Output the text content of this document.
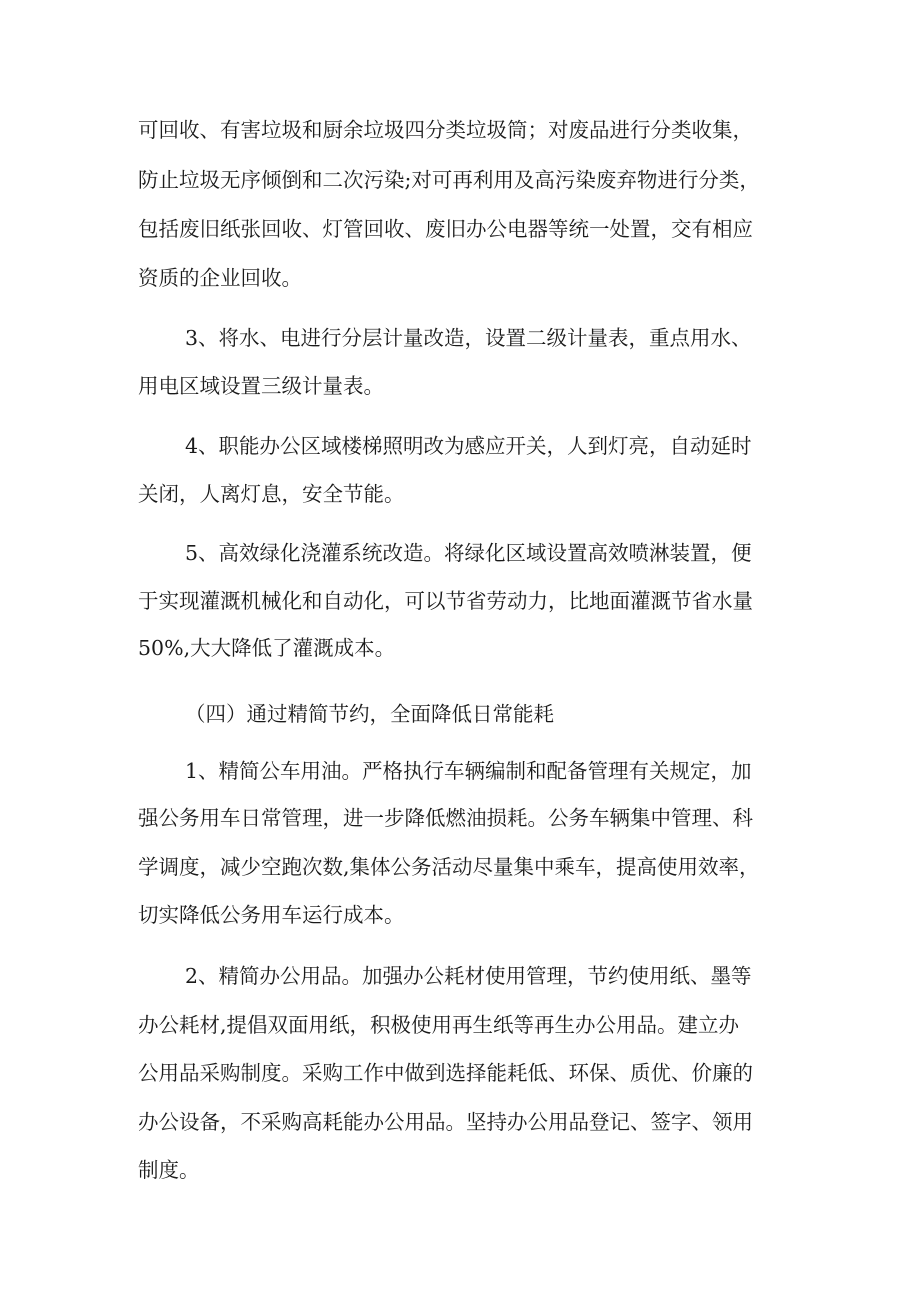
可回收、有害垃圾和厨余垃圾四分类垃圾筒；对废品进行分类收集，
防止垃圾无序倾倒和二次污染;对可再利用及高污染废弃物进行分类，
包括废旧纸张回收、灯管回收、废旧办公电器等统一处置，交有相应
资质的企业回收。
3、将水、电进行分层计量改造，设置二级计量表，重点用水、
用电区域设置三级计量表。
4、职能办公区域楼梯照明改为感应开关，人到灯亮，自动延时
关闭，人离灯息，安全节能。
5、高效绿化浇灌系统改造。将绿化区域设置高效喷淋装置，便
于实现灌溉机械化和自动化，可以节省劳动力，比地面灌溉节省水量
50%,大大降低了灌溉成本。
（四）通过精简节约，全面降低日常能耗
1、精简公车用油。严格执行车辆编制和配备管理有关规定，加
强公务用车日常管理，进一步降低燃油损耗。公务车辆集中管理、科
学调度，减少空跑次数,集体公务活动尽量集中乘车，提高使用效率，
切实降低公务用车运行成本。
2、精简办公用品。加强办公耗材使用管理，节约使用纸、墨等
办公耗材,提倡双面用纸，积极使用再生纸等再生办公用品。建立办
公用品采购制度。采购工作中做到选择能耗低、环保、质优、价廉的
办公设备，不采购高耗能办公用品。坚持办公用品登记、签字、领用
制度。
